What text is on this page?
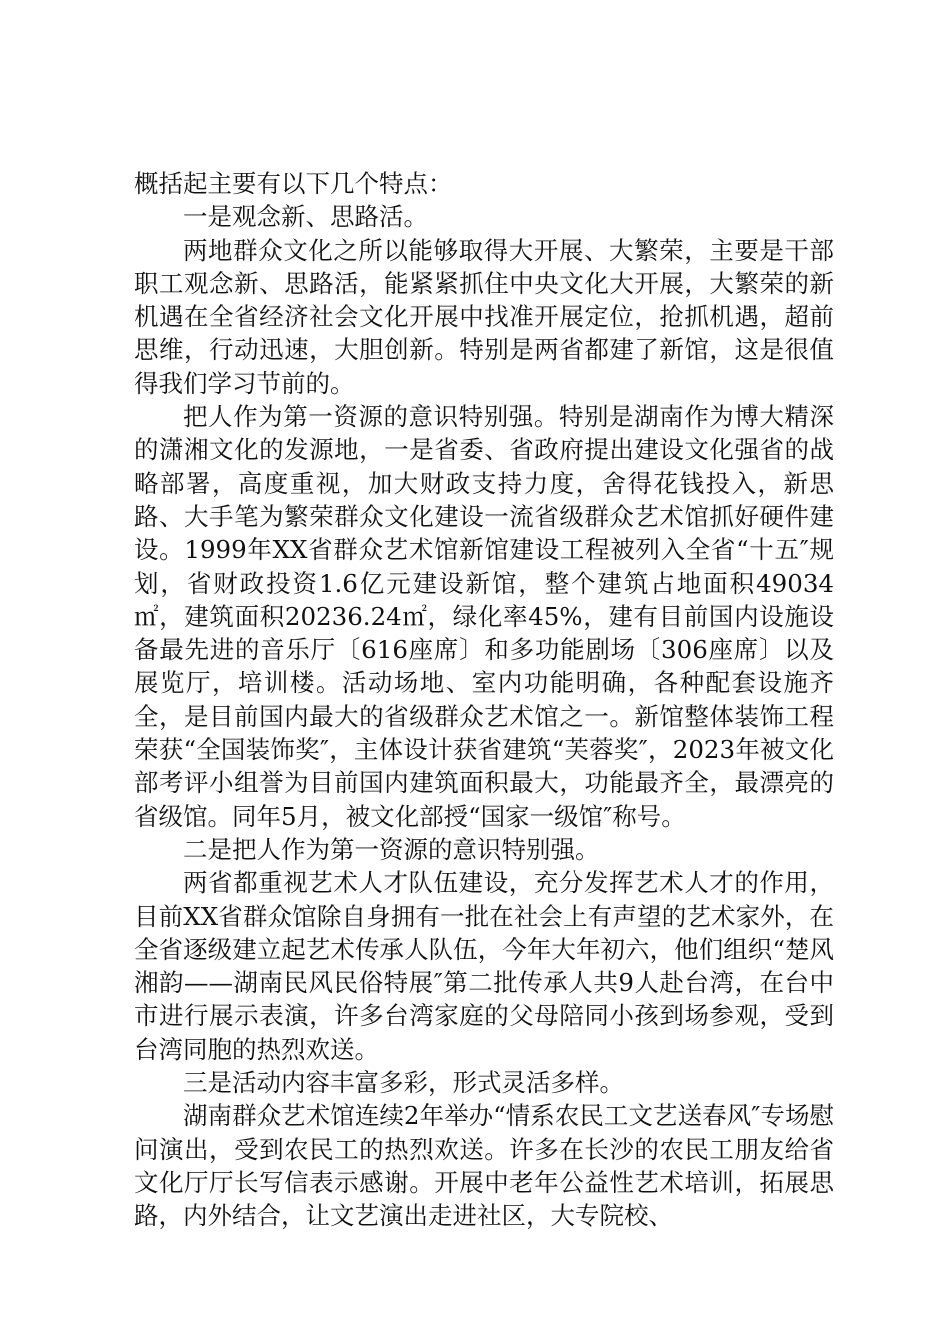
概括起主要有以下几个特点：

一是观念新、思路活。

两地群众文化之所以能够取得大开展、大繁荣，主要是干部职工观念新、思路活，能紧紧抓住中央文化大开展，大繁荣的新机遇在全省经济社会文化开展中找准开展定位，抢抓机遇，超前思维，行动迅速，大胆创新。特别是两省都建了新馆，这是很值得我们学习节前的。

把人作为第一资源的意识特别强。特别是湖南作为博大精深的潇湘文化的发源地，一是省委、省政府提出建设文化强省的战略部署，高度重视，加大财政支持力度，舍得花钱投入，新思路、大手笔为繁荣群众文化建设一流省级群众艺术馆抓好硬件建设。1999年XX省群众艺术馆新馆建设工程被列入全省“十五″规划，省财政投资1.6亿元建设新馆，整个建筑占地面积49034㎡，建筑面积20236.24㎡，绿化率45%，建有目前国内设施设备最先进的音乐厅〔616座席〕和多功能剧场〔306座席〕以及展览厅，培训楼。活动场地、室内功能明确，各种配套设施齐全，是目前国内最大的省级群众艺术馆之一。新馆整体装饰工程荣获“全国装饰奖″，主体设计获省建筑“芙蓉奖″，2023年被文化部考评小组誉为目前国内建筑面积最大，功能最齐全，最漂亮的省级馆。同年5月，被文化部授“国家一级馆″称号。

二是把人作为第一资源的意识特别强。

两省都重视艺术人才队伍建设，充分发挥艺术人才的作用，目前XX省群众馆除自身拥有一批在社会上有声望的艺术家外，在全省逐级建立起艺术传承人队伍，今年大年初六，他们组织“楚风湘韵——湖南民风民俗特展″第二批传承人共9人赴台湾，在台中市进行展示表演，许多台湾家庭的父母陪同小孩到场参观，受到台湾同胞的热烈欢送。

三是活动内容丰富多彩，形式灵活多样。

湖南群众艺术馆连续2年举办“情系农民工文艺送春风″专场慰问演出，受到农民工的热烈欢送。许多在长沙的农民工朋友给省文化厅厅长写信表示感谢。开展中老年公益性艺术培训，拓展思路，内外结合，让文艺演出走进社区，大专院校、
